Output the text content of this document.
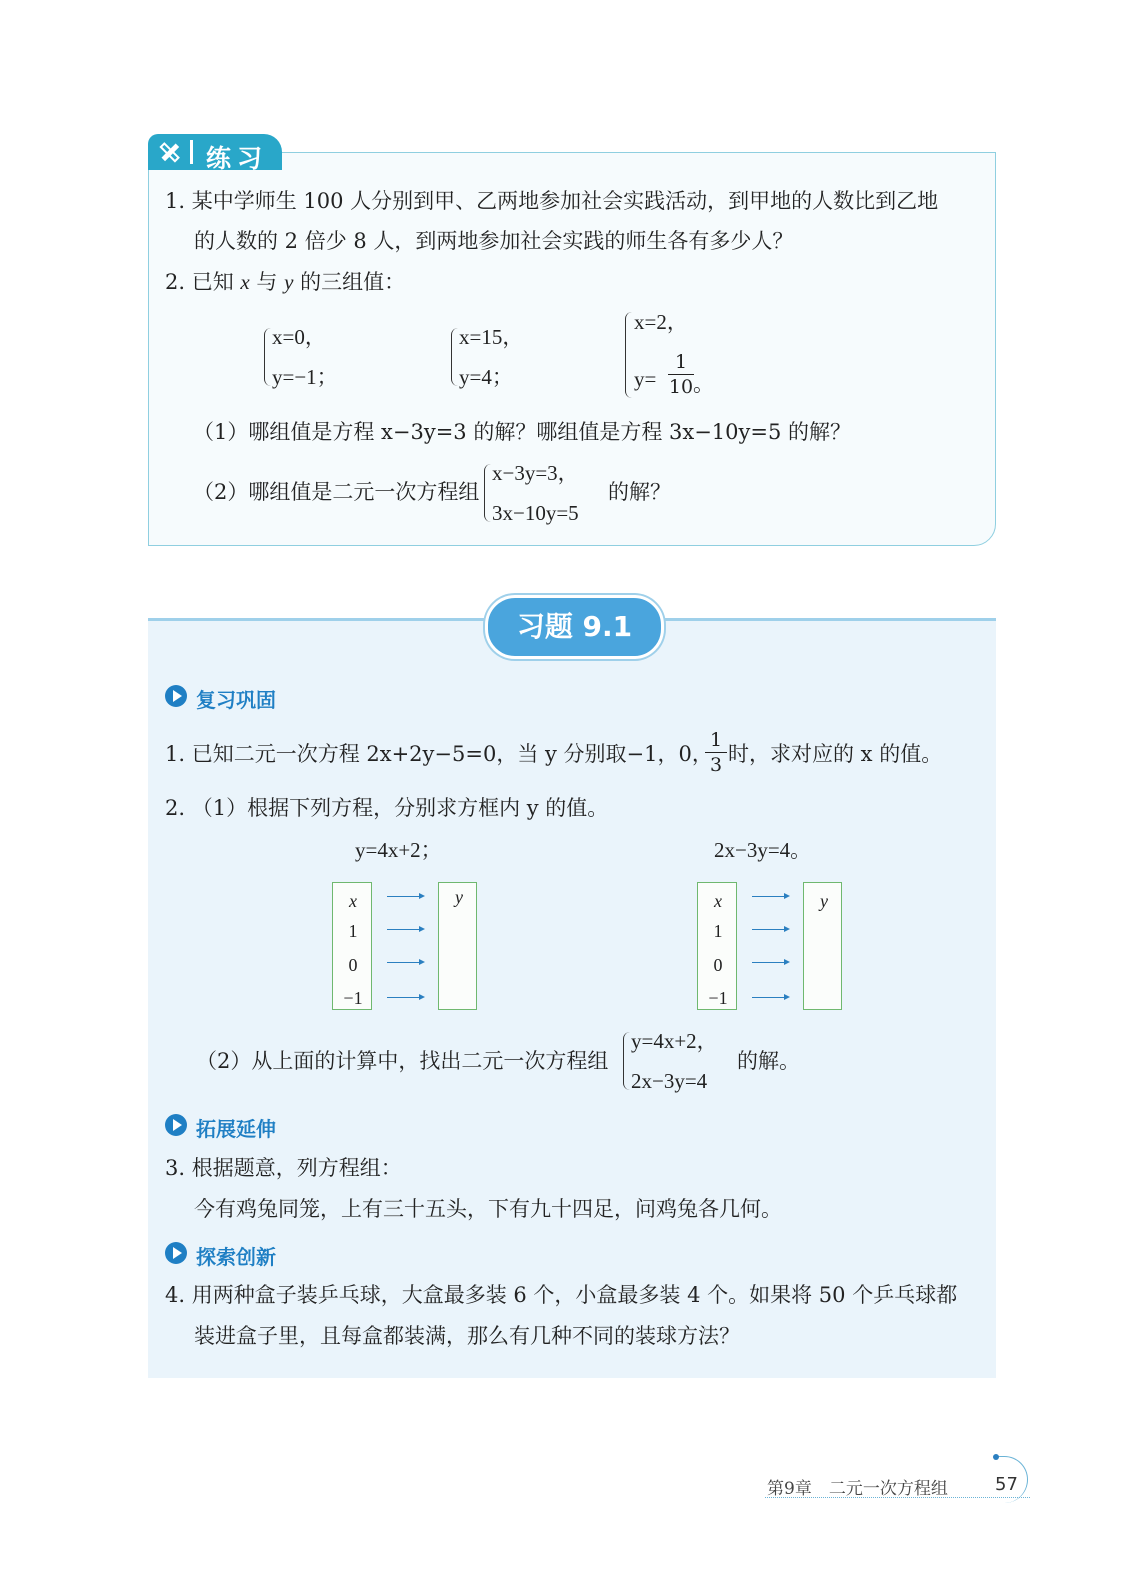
练习
1. 某中学师生 100 人分别到甲、乙两地参加社会实践活动，到甲地的人数比到乙地
的人数的 2 倍少 8 人，到两地参加社会实践的师生各有多少人？
2. 已知 x 与 y 的三组值：
x=0，
y=−1；
x=15，
y=4；
x=2，
y=
1
10 。
（1）哪组值是方程 x−3y=3 的解？哪组值是方程 3x−10y=5 的解？
（2）哪组值是二元一次方程组
x−3y=3，
3x−10y=5
的解？
习题 9.1
复习巩固
1. 已知二元一次方程 2x+2y−5=0，当 y 分别取−1，0，
1
3 时，求对应的 x 的值。
2. （1）根据下列方程，分别求方框内 y 的值。
y=4x+2；	2x−3y=4。
x
1
0
−1
y	x
1
0
−1
y
（2）从上面的计算中，找出二元一次方程组
y=4x+2，
2x−3y=4
的解。
拓展延伸
3. 根据题意，列方程组：
今有鸡兔同笼，上有三十五头，下有九十四足，问鸡兔各几何。
探索创新
4. 用两种盒子装乒乓球，大盒最多装 6 个，小盒最多装 4 个。如果将 50 个乒乓球都
装进盒子里，且每盒都装满，那么有几种不同的装球方法？
第9章　二元一次方程组	57
